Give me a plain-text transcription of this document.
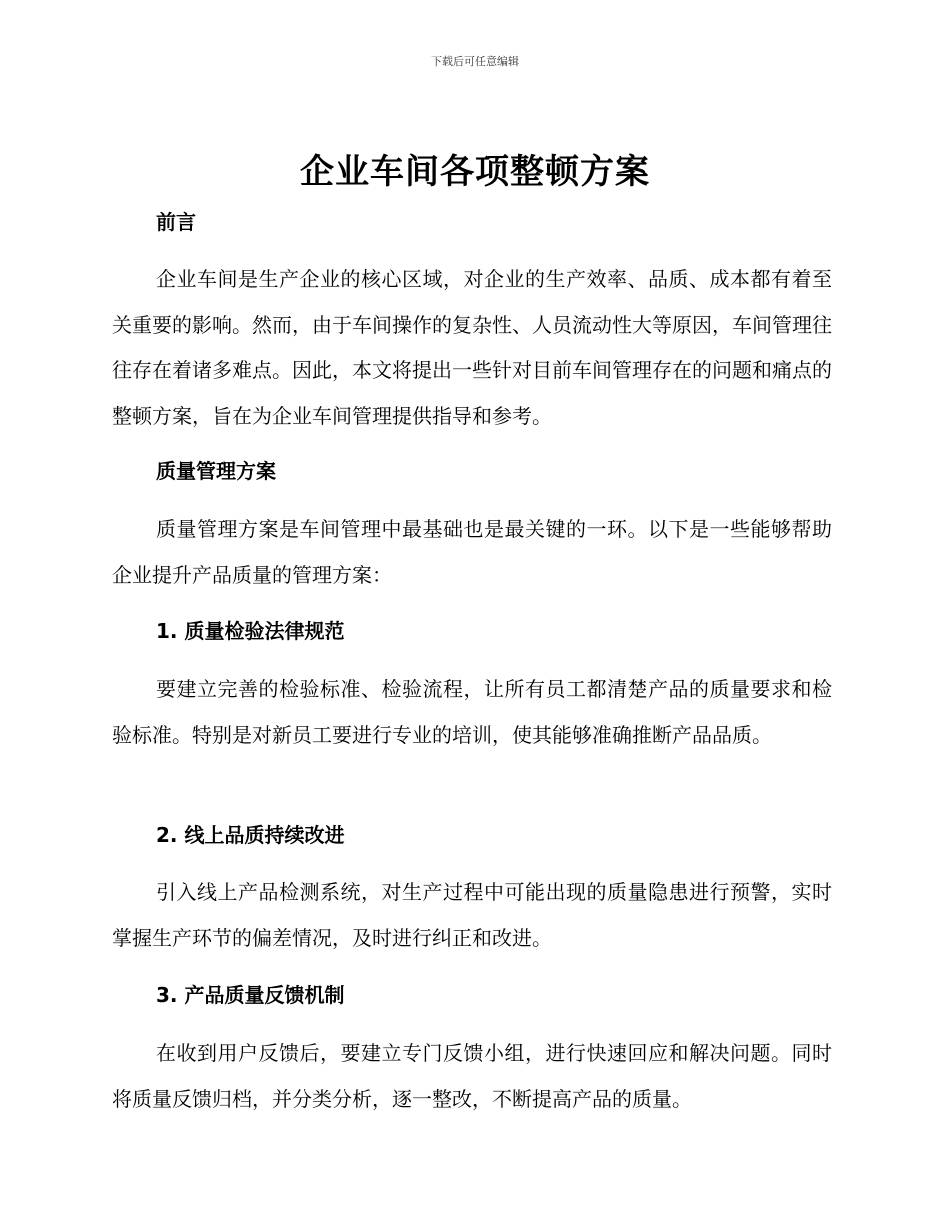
下载后可任意编辑
企业车间各项整顿方案
前言
企业车间是生产企业的核心区域，对企业的生产效率、品质、成本都有着至关重要的影响。然而，由于车间操作的复杂性、人员流动性大等原因，车间管理往往存在着诸多难点。因此，本文将提出一些针对目前车间管理存在的问题和痛点的整顿方案，旨在为企业车间管理提供指导和参考。
质量管理方案
质量管理方案是车间管理中最基础也是最关键的一环。以下是一些能够帮助企业提升产品质量的管理方案：
1. 质量检验法律规范
要建立完善的检验标准、检验流程，让所有员工都清楚产品的质量要求和检验标准。特别是对新员工要进行专业的培训，使其能够准确推断产品品质。
2. 线上品质持续改进
引入线上产品检测系统，对生产过程中可能出现的质量隐患进行预警，实时掌握生产环节的偏差情况，及时进行纠正和改进。
3. 产品质量反馈机制
在收到用户反馈后，要建立专门反馈小组，进行快速回应和解决问题。同时将质量反馈归档，并分类分析，逐一整改，不断提高产品的质量。
